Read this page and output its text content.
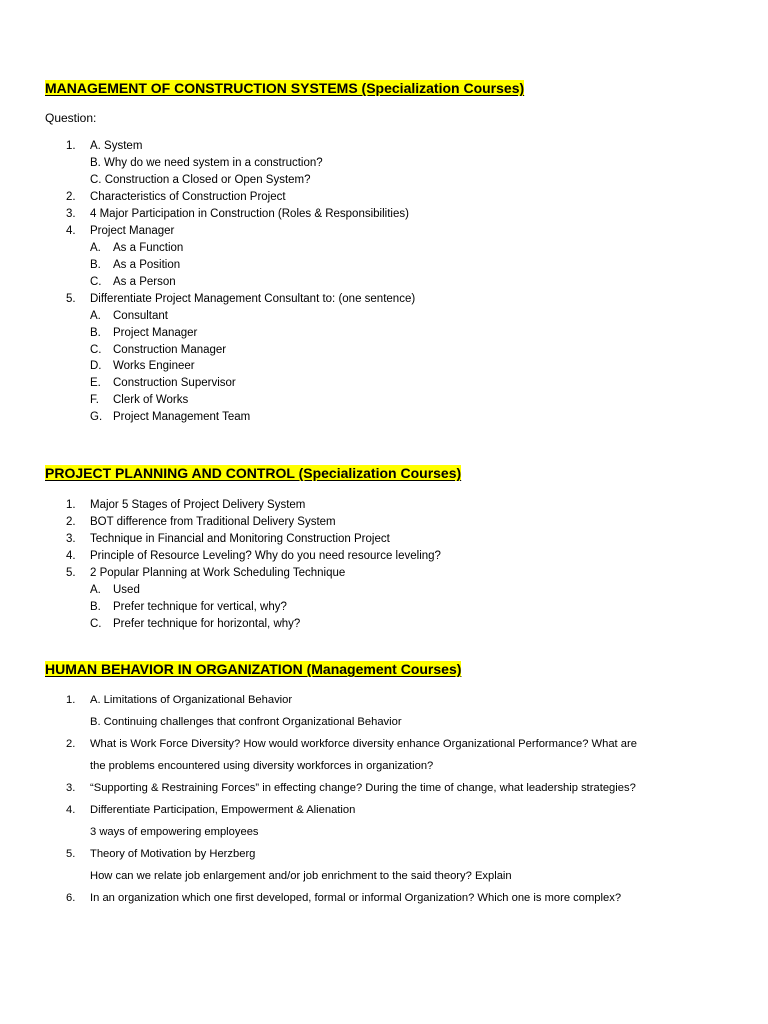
MANAGEMENT OF CONSTRUCTION SYSTEMS (Specialization Courses)

Question:

1. A. System
B. Why do we need system in a construction?
C. Construction a Closed or Open System?
2. Characteristics of Construction Project
3. 4 Major Participation in Construction (Roles & Responsibilities)
4. Project Manager
A. As a Function
B. As a Position
C. As a Person
5. Differentiate Project Management Consultant to: (one sentence)
A. Consultant
B. Project Manager
C. Construction Manager
D. Works Engineer
E. Construction Supervisor
F. Clerk of Works
G. Project Management Team
PROJECT PLANNING AND CONTROL (Specialization Courses)
1. Major 5 Stages of Project Delivery System
2. BOT difference from Traditional Delivery System
3. Technique in Financial and Monitoring Construction Project
4. Principle of Resource Leveling? Why do you need resource leveling?
5. 2 Popular Planning at Work Scheduling Technique
A. Used
B. Prefer technique for vertical, why?
C. Prefer technique for horizontal, why?
HUMAN BEHAVIOR IN ORGANIZATION (Management Courses)
1. A. Limitations of Organizational Behavior
B. Continuing challenges that confront Organizational Behavior
2. What is Work Force Diversity? How would workforce diversity enhance Organizational Performance? What are
the problems encountered using diversity workforces in organization?
3. “Supporting & Restraining Forces” in effecting change? During the time of change, what leadership strategies?
4. Differentiate Participation, Empowerment & Alienation
3 ways of empowering employees
5. Theory of Motivation by Herzberg
How can we relate job enlargement and/or job enrichment to the said theory? Explain
6. In an organization which one first developed, formal or informal Organization? Which one is more complex?
